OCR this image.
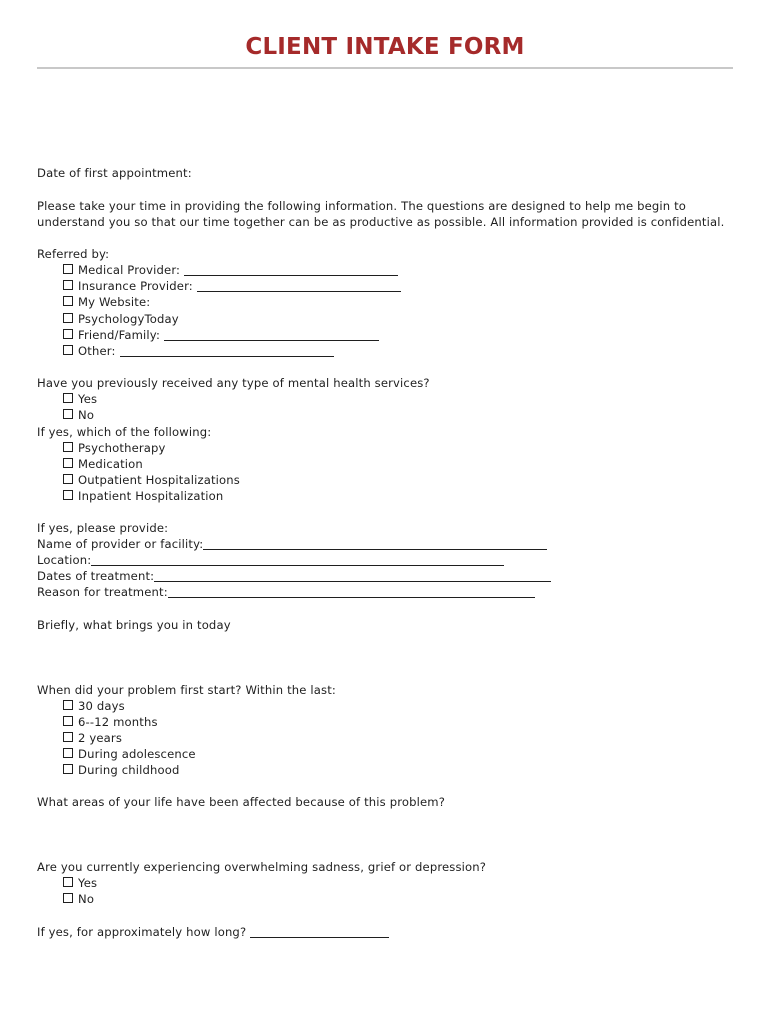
CLIENT INTAKE FORM
Date of first appointment:
Please take your time in providing the following information. The questions are designed to help me begin to
understand you so that our time together can be as productive as possible. All information provided is confidential.
Referred by:
Medical Provider:
Insurance Provider:
My Website:
PsychologyToday
Friend/Family:
Other:
Have you previously received any type of mental health services?
Yes
No
If yes, which of the following:
Psychotherapy
Medication
Outpatient Hospitalizations
Inpatient Hospitalization
If yes, please provide:
Name of provider or facility:
Location:
Dates of treatment:
Reason for treatment:
Briefly, what brings you in today
When did your problem first start? Within the last:
30 days
6--12 months
2 years
During adolescence
During childhood
What areas of your life have been affected because of this problem?
Are you currently experiencing overwhelming sadness, grief or depression?
Yes
No
If yes, for approximately how long?
